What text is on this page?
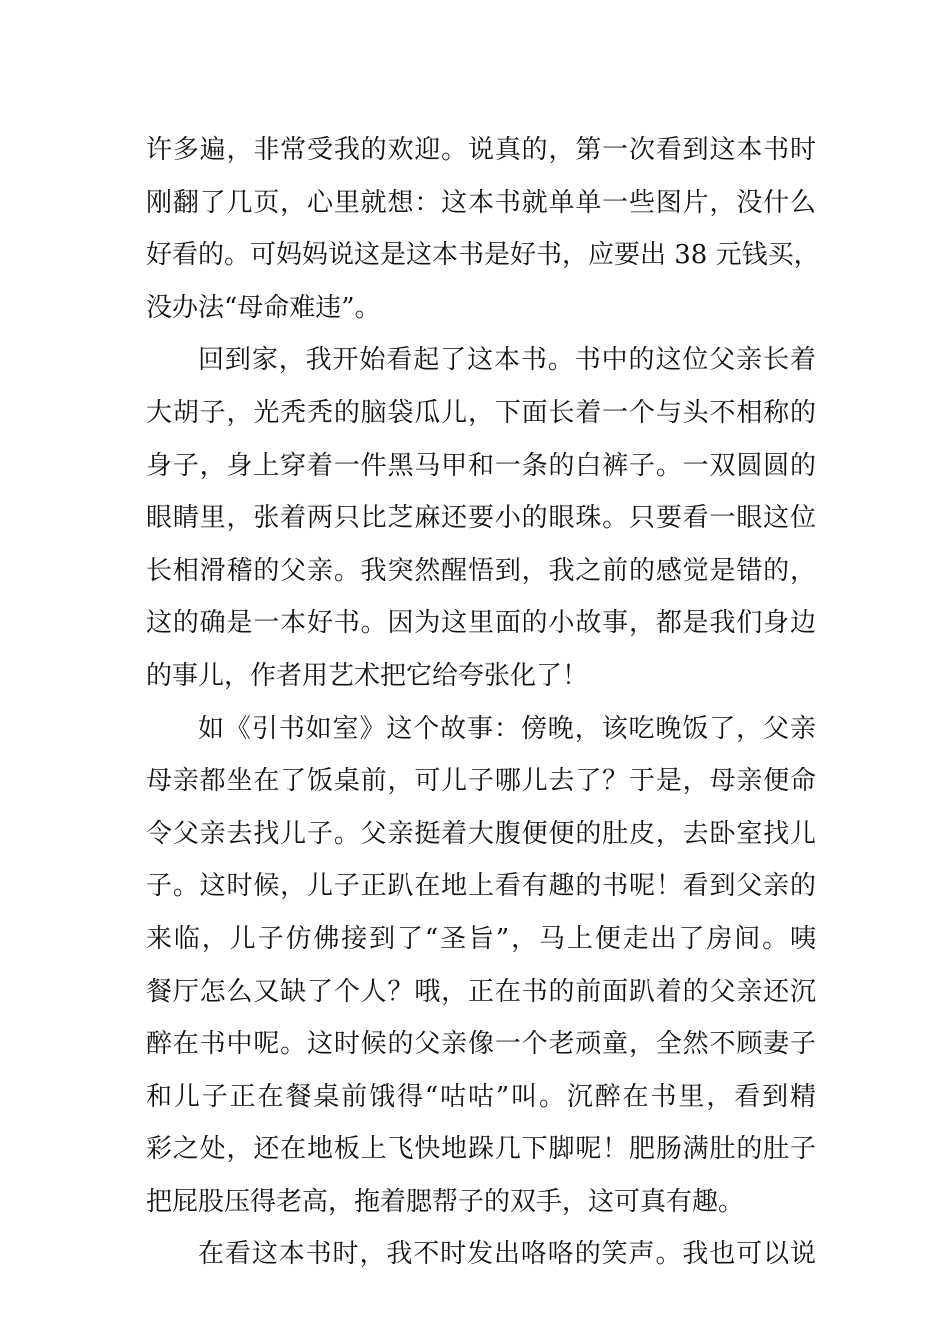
许多遍，非常受我的欢迎。说真的，第一次看到这本书时
刚翻了几页，心里就想：这本书就单单一些图片，没什么
好看的。可妈妈说这是这本书是好书，应要出 38 元钱买，
没办法“母命难违”。
回到家，我开始看起了这本书。书中的这位父亲长着
大胡子，光秃秃的脑袋瓜儿，下面长着一个与头不相称的
身子，身上穿着一件黑马甲和一条的白裤子。一双圆圆的
眼睛里，张着两只比芝麻还要小的眼珠。只要看一眼这位
长相滑稽的父亲。我突然醒悟到，我之前的感觉是错的，
这的确是一本好书。因为这里面的小故事，都是我们身边
的事儿，作者用艺术把它给夸张化了！
如《引书如室》这个故事：傍晚，该吃晚饭了，父亲
母亲都坐在了饭桌前，可儿子哪儿去了？于是，母亲便命
令父亲去找儿子。父亲挺着大腹便便的肚皮，去卧室找儿
子。这时候，儿子正趴在地上看有趣的书呢！看到父亲的
来临，儿子仿佛接到了“圣旨”，马上便走出了房间。咦
餐厅怎么又缺了个人？哦，正在书的前面趴着的父亲还沉
醉在书中呢。这时候的父亲像一个老顽童，全然不顾妻子
和儿子正在餐桌前饿得“咕咕”叫。沉醉在书里，看到精
彩之处，还在地板上飞快地跺几下脚呢！肥肠满肚的肚子
把屁股压得老高，拖着腮帮子的双手，这可真有趣。
在看这本书时，我不时发出咯咯的笑声。我也可以说
